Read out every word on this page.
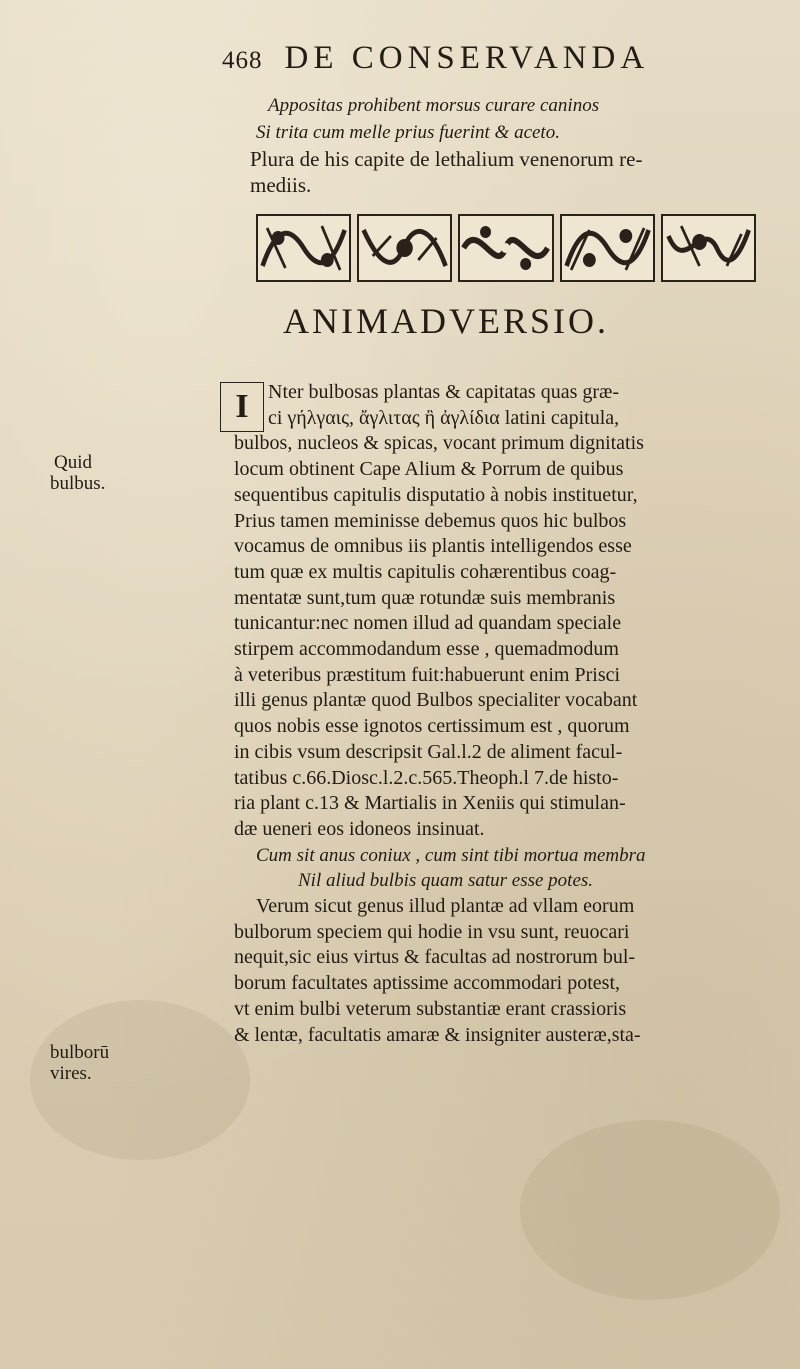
468 DE CONSERVANDA
Appositas prohibent morsus curare caninos
Si trita cum melle prius fuerint & aceto.
Plura de his capite de lethalium venenorum re-
mediis.
ANIMADVERSIO.
I Nter bulbosas plantas & capitatas quas græ-
ci γήλγαις, ἄγλιτας ἢ ἀγλίδια latini capitula,
bulbos, nucleos & spicas, vocant primum dignitatis
locum obtinent Cape Alium & Porrum de quibus
sequentibus capitulis disputatio à nobis instituetur,
Prius tamen meminisse debemus quos hic bulbos
vocamus de omnibus iis plantis intelligendos esse
tum quæ ex multis capitulis cohærentibus coag-
mentatæ sunt,tum quæ rotundæ suis membranis
tunicantur:nec nomen illud ad quandam speciale
stirpem accommodandum esse , quemadmodum
à veteribus præstitum fuit:habuerunt enim Prisci
illi genus plantæ quod Bulbos specialiter vocabant
quos nobis esse ignotos certissimum est , quorum
in cibis vsum descripsit Gal.l.2 de aliment facul-
tatibus c.66.Diosc.l.2.c.565.Theoph.l 7.de histo-
ria plant c.13 & Martialis in Xeniis qui stimulan-
dæ ueneri eos idoneos insinuat.
Cum sit anus coniux , cum sint tibi mortua membra
Nil aliud bulbis quam satur esse potes.
Verum sicut genus illud plantæ ad vllam eorum
bulborum speciem qui hodie in vsu sunt, reuocari
nequit,sic eius virtus & facultas ad nostrorum bul-
borum facultates aptissime accommodari potest,
vt enim bulbi veterum substantiæ erant crassioris
& lentæ, facultatis amaræ & insigniter austeræ,sta-
Quid
bulbus.
bulborū
vires.
